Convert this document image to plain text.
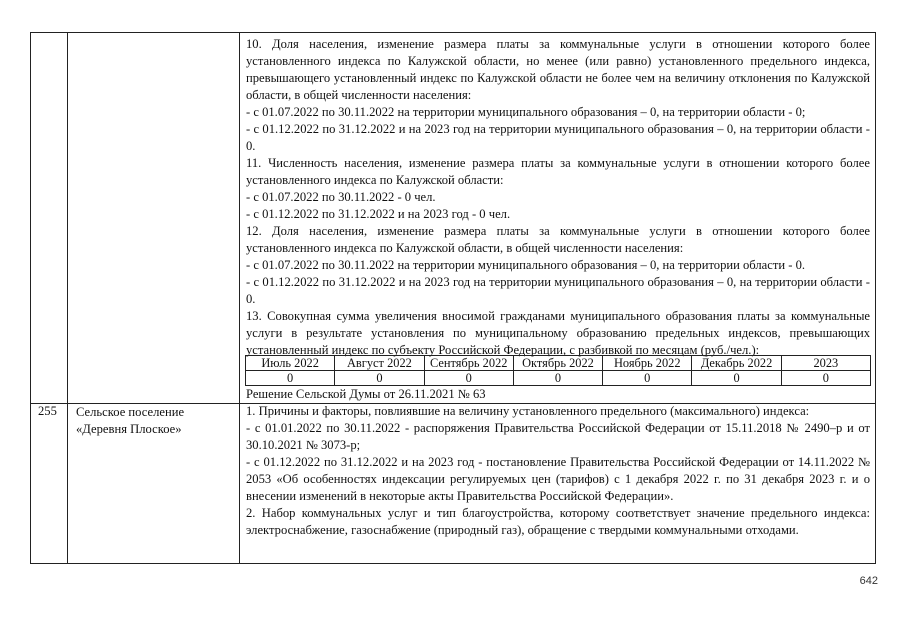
10. Доля населения, изменение размера платы за коммунальные услуги в отношении которого более установленного индекса по Калужской области, но менее (или равно) установленного предельного индекса, превышающего установленный индекс по Калужской области не более чем на величину отклонения по Калужской области, в общей численности населения:

- с 01.07.2022 по 30.11.2022 на территории муниципального образования – 0, на территории области - 0;

- с 01.12.2022 по 31.12.2022 и на 2023 год на территории муниципального образования – 0, на территории области - 0.

11. Численность населения, изменение размера платы за коммунальные услуги в отношении которого более установленного индекса по Калужской области:

- с 01.07.2022 по 30.11.2022 - 0 чел.

- с 01.12.2022 по 31.12.2022 и на 2023 год - 0 чел.

12. Доля населения, изменение размера платы за коммунальные услуги в отношении которого более установленного индекса по Калужской области, в общей численности населения:

- с 01.07.2022 по 30.11.2022 на территории муниципального образования – 0, на территории области - 0.

- с 01.12.2022 по 31.12.2022 и на 2023 год на территории муниципального образования – 0, на территории области - 0.

13. Совокупная сумма увеличения вносимой гражданами муниципального образования платы за коммунальные услуги в результате установления по муниципальному образованию предельных индексов, превышающих установленный индекс по субъекту Российской Федерации, с разбивкой по месяцам (руб./чел.):

Июль 2022	Август 2022	Сентябрь 2022	Октябрь 2022	Ноябрь 2022	Декабрь 2022	2023
0	0	0	0	0	0	0
Решение Сельской Думы от 26.11.2021 № 63
255 Сельское поселение «Деревня Плоское»

1. Причины и факторы, повлиявшие на величину установленного предельного (максимального) индекса:

- с 01.01.2022 по 30.11.2022 - распоряжения Правительства Российской Федерации от 15.11.2018 № 2490–р и от 30.10.2021 № 3073-р;

- с 01.12.2022 по 31.12.2022 и на 2023 год - постановление Правительства Российской Федерации от 14.11.2022 № 2053 «Об особенностях индексации регулируемых цен (тарифов) с 1 декабря 2022 г. по 31 декабря 2023 г. и о внесении изменений в некоторые акты Правительства Российской Федерации».

2. Набор коммунальных услуг и тип благоустройства, которому соответствует значение предельного индекса: электроснабжение, газоснабжение (природный газ), обращение с твердыми коммунальными отходами.

642
